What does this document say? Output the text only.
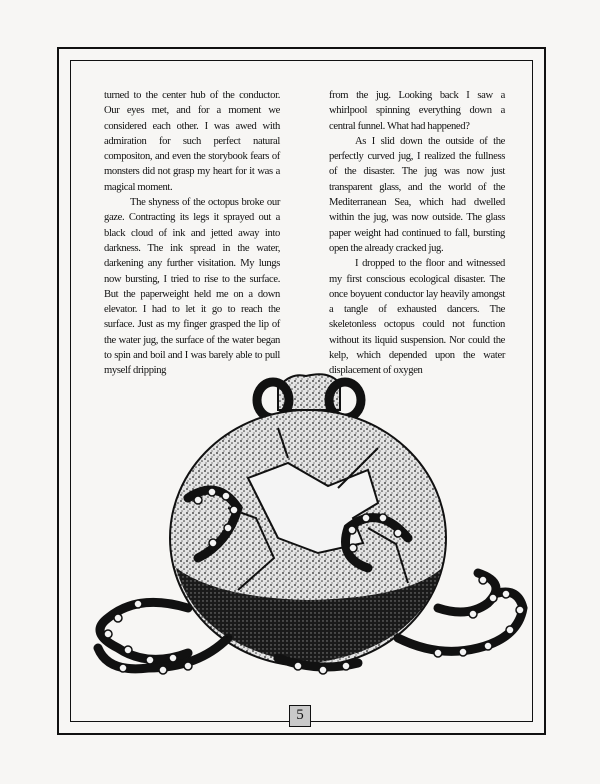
turned to the center hub of the conductor. Our eyes met, and for a moment we considered each other. I was awed with admiration for such perfect natural compositon, and even the storybook fears of monsters did not grasp my heart for it was a magical moment.

The shyness of the octopus broke our gaze. Contracting its legs it sprayed out a black cloud of ink and jetted away into darkness. The ink spread in the water, darkening any further visitation. My lungs now bursting, I tried to rise to the surface. But the paperweight held me on a down elevator. I had to let it go to reach the surface. Just as my finger grasped the lip of the water jug, the surface of the water began to spin and boil and I was barely able to pull myself dripping

from the jug. Looking back I saw a whirlpool spinning everything down a central funnel. What had happened?

As I slid down the outside of the perfectly curved jug, I realized the fullness of the disaster. The jug was now just transparent glass, and the world of the Mediterranean Sea, which had dwelled within the jug, was now outside. The glass paper weight had continued to fall, bursting open the already cracked jug.

I dropped to the floor and witnessed my first conscious ecological disaster. The once boyuent conductor lay heavily amongst a tangle of exhausted dancers. The skeletonless octopus could not function without its liquid suspension. Nor could the kelp, which depended upon the water displacement of oxygen

5
